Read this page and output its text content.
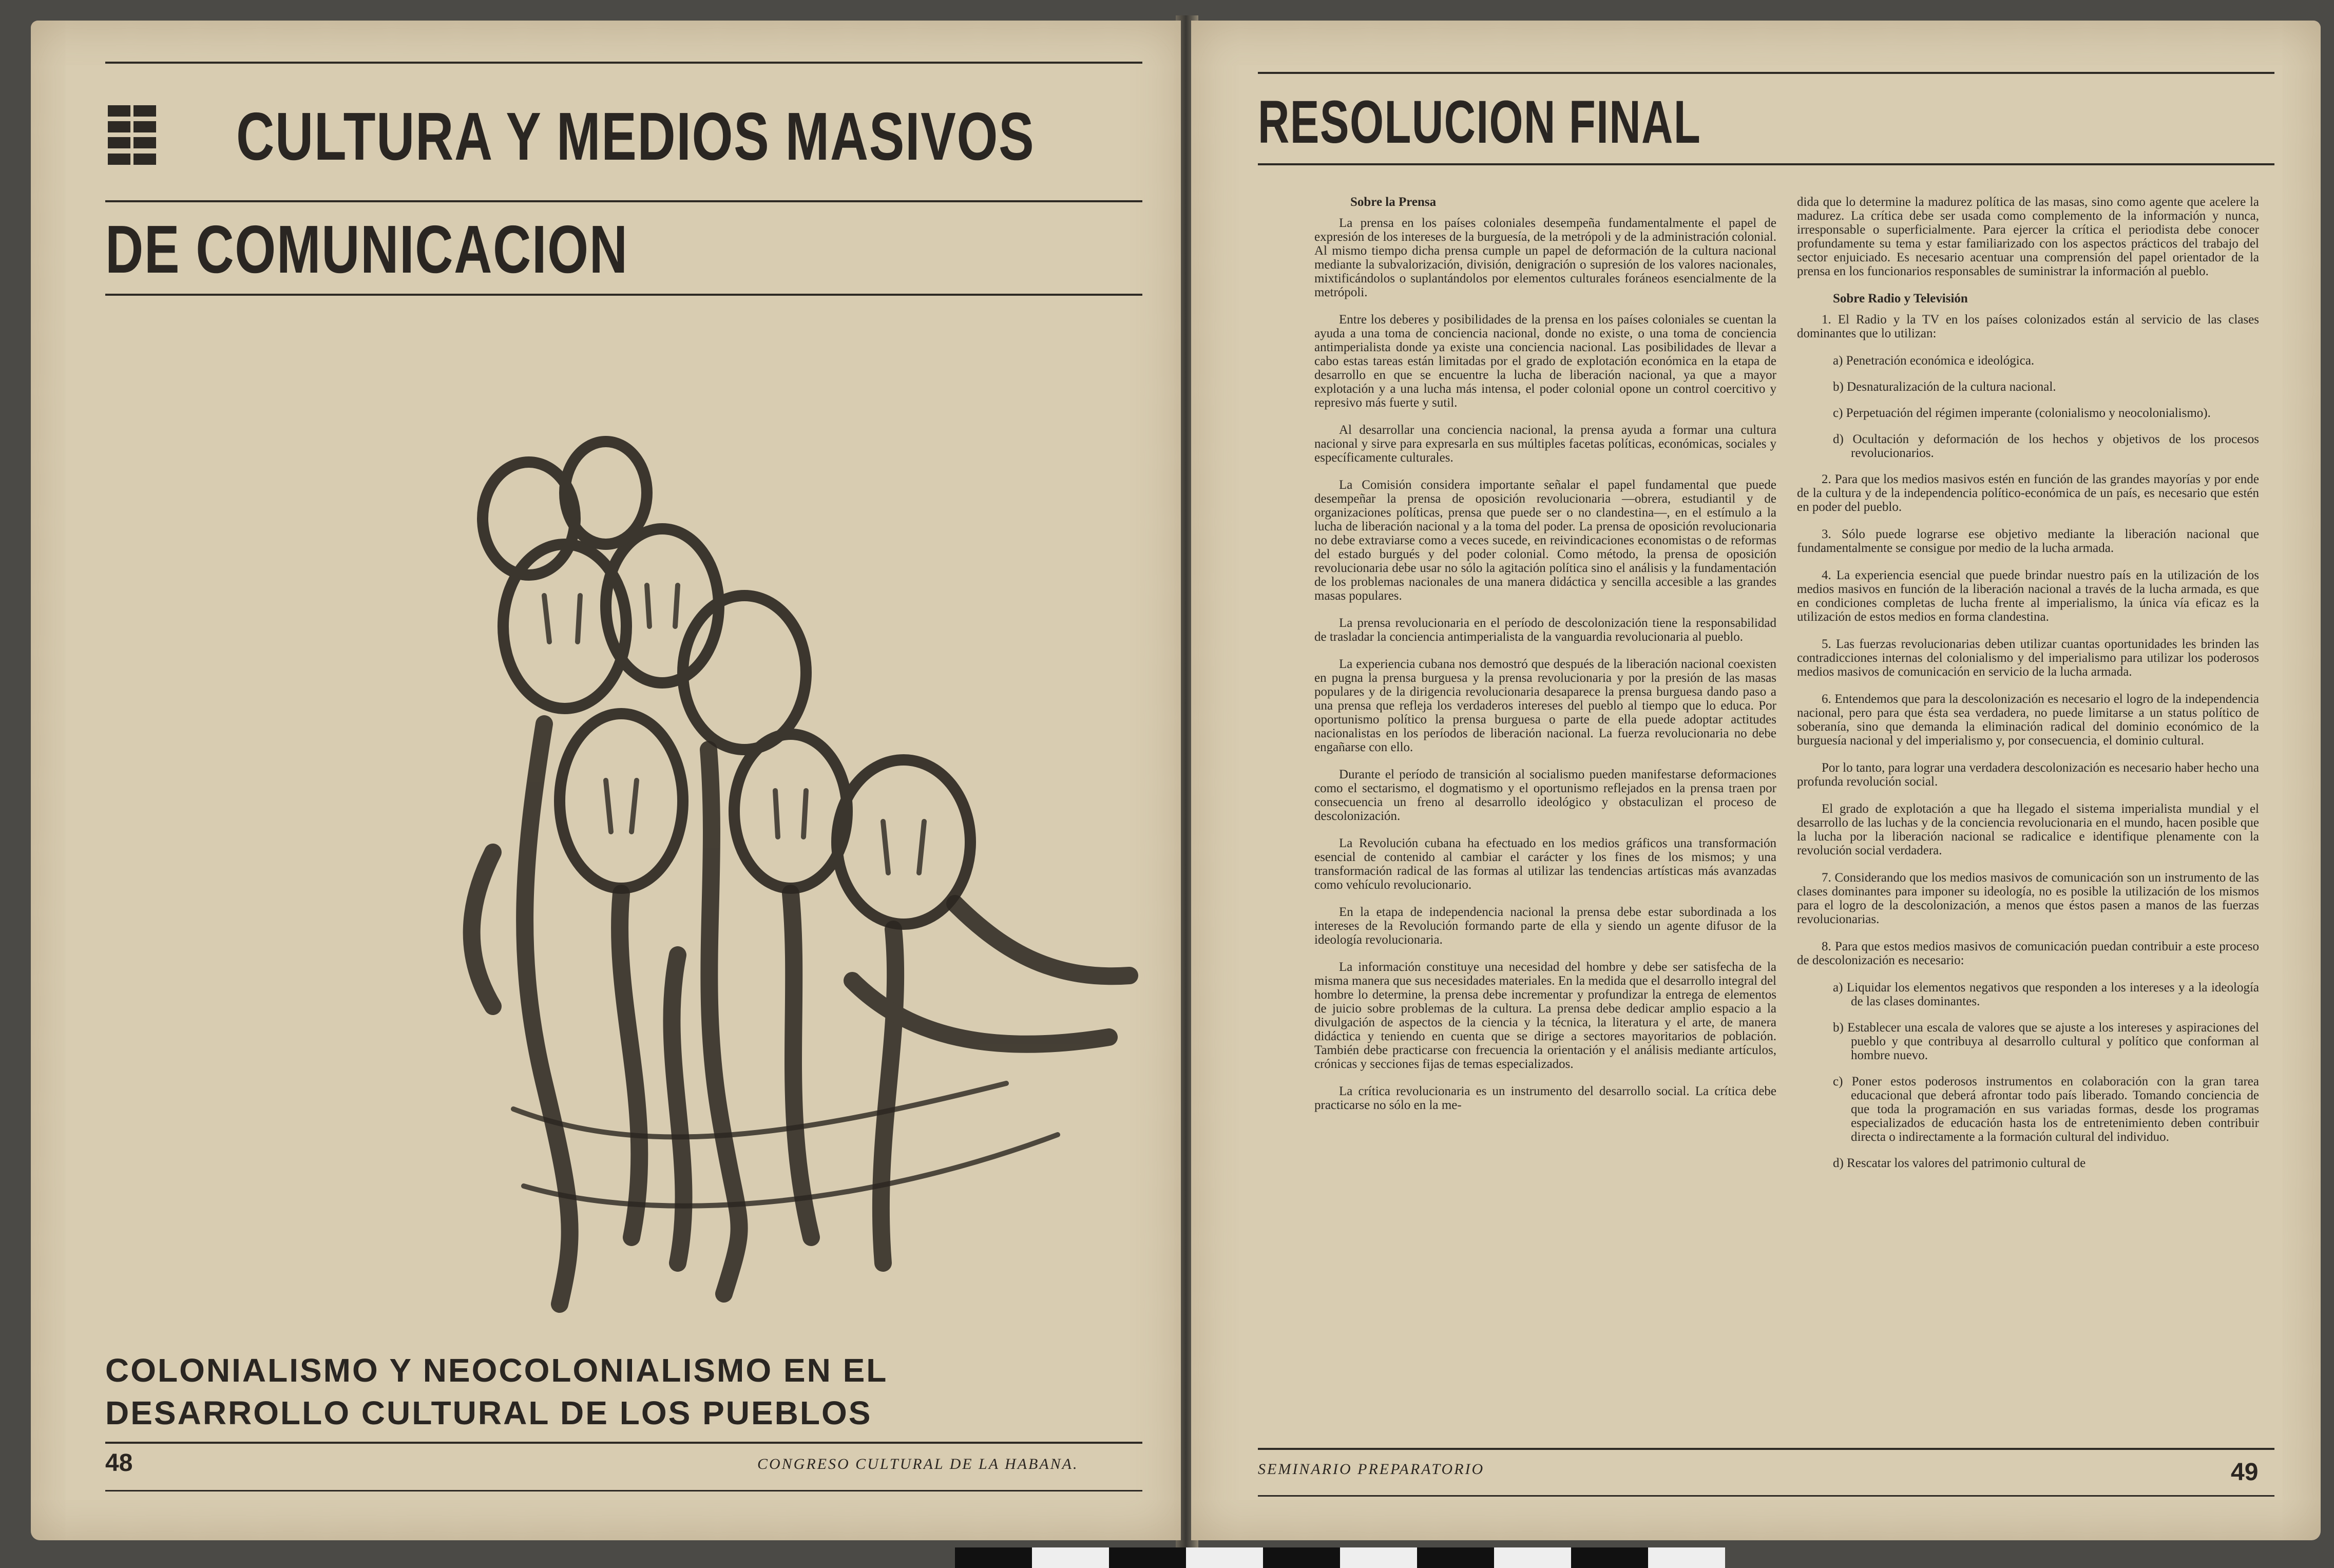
CULTURA Y MEDIOS MASIVOS
DE COMUNICACION
COLONIALISMO Y NEOCOLONIALISMO EN EL
DESARROLLO CULTURAL DE LOS PUEBLOS
48	CONGRESO CULTURAL DE LA HABANA.
RESOLUCION FINAL
Sobre la Prensa

La prensa en los países coloniales desempeña fundamentalmente el papel de expresión de los intereses de la burguesía, de la metrópoli y de la administración colonial. Al mismo tiempo dicha prensa cumple un papel de deformación de la cultura nacional mediante la subvalorización, división, denigración o supresión de los valores nacionales, mixtificándolos o suplantándolos por elementos culturales foráneos esencialmente de la metrópoli.

Entre los deberes y posibilidades de la prensa en los países coloniales se cuentan la ayuda a una toma de conciencia nacional, donde no existe, o una toma de conciencia antimperialista donde ya existe una conciencia nacional. Las posibilidades de llevar a cabo estas tareas están limitadas por el grado de explotación económica en la etapa de desarrollo en que se encuentre la lucha de liberación nacional, ya que a mayor explotación y a una lucha más intensa, el poder colonial opone un control coercitivo y represivo más fuerte y sutil.

Al desarrollar una conciencia nacional, la prensa ayuda a formar una cultura nacional y sirve para expresarla en sus múltiples facetas políticas, económicas, sociales y específicamente culturales.

La Comisión considera importante señalar el papel fundamental que puede desempeñar la prensa de oposición revolucionaria —obrera, estudiantil y de organizaciones políticas, prensa que puede ser o no clandestina—, en el estímulo a la lucha de liberación nacional y a la toma del poder. La prensa de oposición revolucionaria no debe extraviarse como a veces sucede, en reivindicaciones economistas o de reformas del estado burgués y del poder colonial. Como método, la prensa de oposición revolucionaria debe usar no sólo la agitación política sino el análisis y la fundamentación de los problemas nacionales de una manera didáctica y sencilla accesible a las grandes masas populares.

La prensa revolucionaria en el período de descolonización tiene la responsabilidad de trasladar la conciencia antimperialista de la vanguardia revolucionaria al pueblo.

La experiencia cubana nos demostró que después de la liberación nacional coexisten en pugna la prensa burguesa y la prensa revolucionaria y por la presión de las masas populares y de la dirigencia revolucionaria desaparece la prensa burguesa dando paso a una prensa que refleja los verdaderos intereses del pueblo al tiempo que lo educa. Por oportunismo político la prensa burguesa o parte de ella puede adoptar actitudes nacionalistas en los períodos de liberación nacional. La fuerza revolucionaria no debe engañarse con ello.

Durante el período de transición al socialismo pueden manifestarse deformaciones como el sectarismo, el dogmatismo y el oportunismo reflejados en la prensa traen por consecuencia un freno al desarrollo ideológico y obstaculizan el proceso de descolonización.

La Revolución cubana ha efectuado en los medios gráficos una transformación esencial de contenido al cambiar el carácter y los fines de los mismos; y una transformación radical de las formas al utilizar las tendencias artísticas más avanzadas como vehículo revolucionario.

En la etapa de independencia nacional la prensa debe estar subordinada a los intereses de la Revolución formando parte de ella y siendo un agente difusor de la ideología revolucionaria.

La información constituye una necesidad del hombre y debe ser satisfecha de la misma manera que sus necesidades materiales. En la medida que el desarrollo integral del hombre lo determine, la prensa debe incrementar y profundizar la entrega de elementos de juicio sobre problemas de la cultura. La prensa debe dedicar amplio espacio a la divulgación de aspectos de la ciencia y la técnica, la literatura y el arte, de manera didáctica y teniendo en cuenta que se dirige a sectores mayoritarios de población. También debe practicarse con frecuencia la orientación y el análisis mediante artículos, crónicas y secciones fijas de temas especializados.

La crítica revolucionaria es un instrumento del desarrollo social. La crítica debe practicarse no sólo en la me-

dida que lo determine la madurez política de las masas, sino como agente que acelere la madurez. La crítica debe ser usada como complemento de la información y nunca, irresponsable o superficialmente. Para ejercer la crítica el periodista debe conocer profundamente su tema y estar familiarizado con los aspectos prácticos del trabajo del sector enjuiciado. Es necesario acentuar una comprensión del papel orientador de la prensa en los funcionarios responsables de suministrar la información al pueblo.

Sobre Radio y Televisión

1. El Radio y la TV en los países colonizados están al servicio de las clases dominantes que lo utilizan:

a) Penetración económica e ideológica.
b) Desnaturalización de la cultura nacional.
c) Perpetuación del régimen imperante (colonialismo y neocolonialismo).
d) Ocultación y deformación de los hechos y objetivos de los procesos revolucionarios.

2. Para que los medios masivos estén en función de las grandes mayorías y por ende de la cultura y de la independencia político-económica de un país, es necesario que estén en poder del pueblo.

3. Sólo puede lograrse ese objetivo mediante la liberación nacional que fundamentalmente se consigue por medio de la lucha armada.

4. La experiencia esencial que puede brindar nuestro país en la utilización de los medios masivos en función de la liberación nacional a través de la lucha armada, es que en condiciones completas de lucha frente al imperialismo, la única vía eficaz es la utilización de estos medios en forma clandestina.

5. Las fuerzas revolucionarias deben utilizar cuantas oportunidades les brinden las contradicciones internas del colonialismo y del imperialismo para utilizar los poderosos medios masivos de comunicación en servicio de la lucha armada.

6. Entendemos que para la descolonización es necesario el logro de la independencia nacional, pero para que ésta sea verdadera, no puede limitarse a un status político de soberanía, sino que demanda la eliminación radical del dominio económico de la burguesía nacional y del imperialismo y, por consecuencia, el dominio cultural.

Por lo tanto, para lograr una verdadera descolonización es necesario haber hecho una profunda revolución social.

El grado de explotación a que ha llegado el sistema imperialista mundial y el desarrollo de las luchas y de la conciencia revolucionaria en el mundo, hacen posible que la lucha por la liberación nacional se radicalice e identifique plenamente con la revolución social verdadera.

7. Considerando que los medios masivos de comunicación son un instrumento de las clases dominantes para imponer su ideología, no es posible la utilización de los mismos para el logro de la descolonización, a menos que éstos pasen a manos de las fuerzas revolucionarias.

8. Para que estos medios masivos de comunicación puedan contribuir a este proceso de descolonización es necesario:

a) Liquidar los elementos negativos que responden a los intereses y a la ideología de las clases dominantes.
b) Establecer una escala de valores que se ajuste a los intereses y aspiraciones del pueblo y que contribuya al desarrollo cultural y político que conforman al hombre nuevo.
c) Poner estos poderosos instrumentos en colaboración con la gran tarea educacional que deberá afrontar todo país liberado. Tomando conciencia de que toda la programación en sus variadas formas, desde los programas especializados de educación hasta los de entretenimiento deben contribuir directa o indirectamente a la formación cultural del individuo.
d) Rescatar los valores del patrimonio cultural de
SEMINARIO PREPARATORIO	49
